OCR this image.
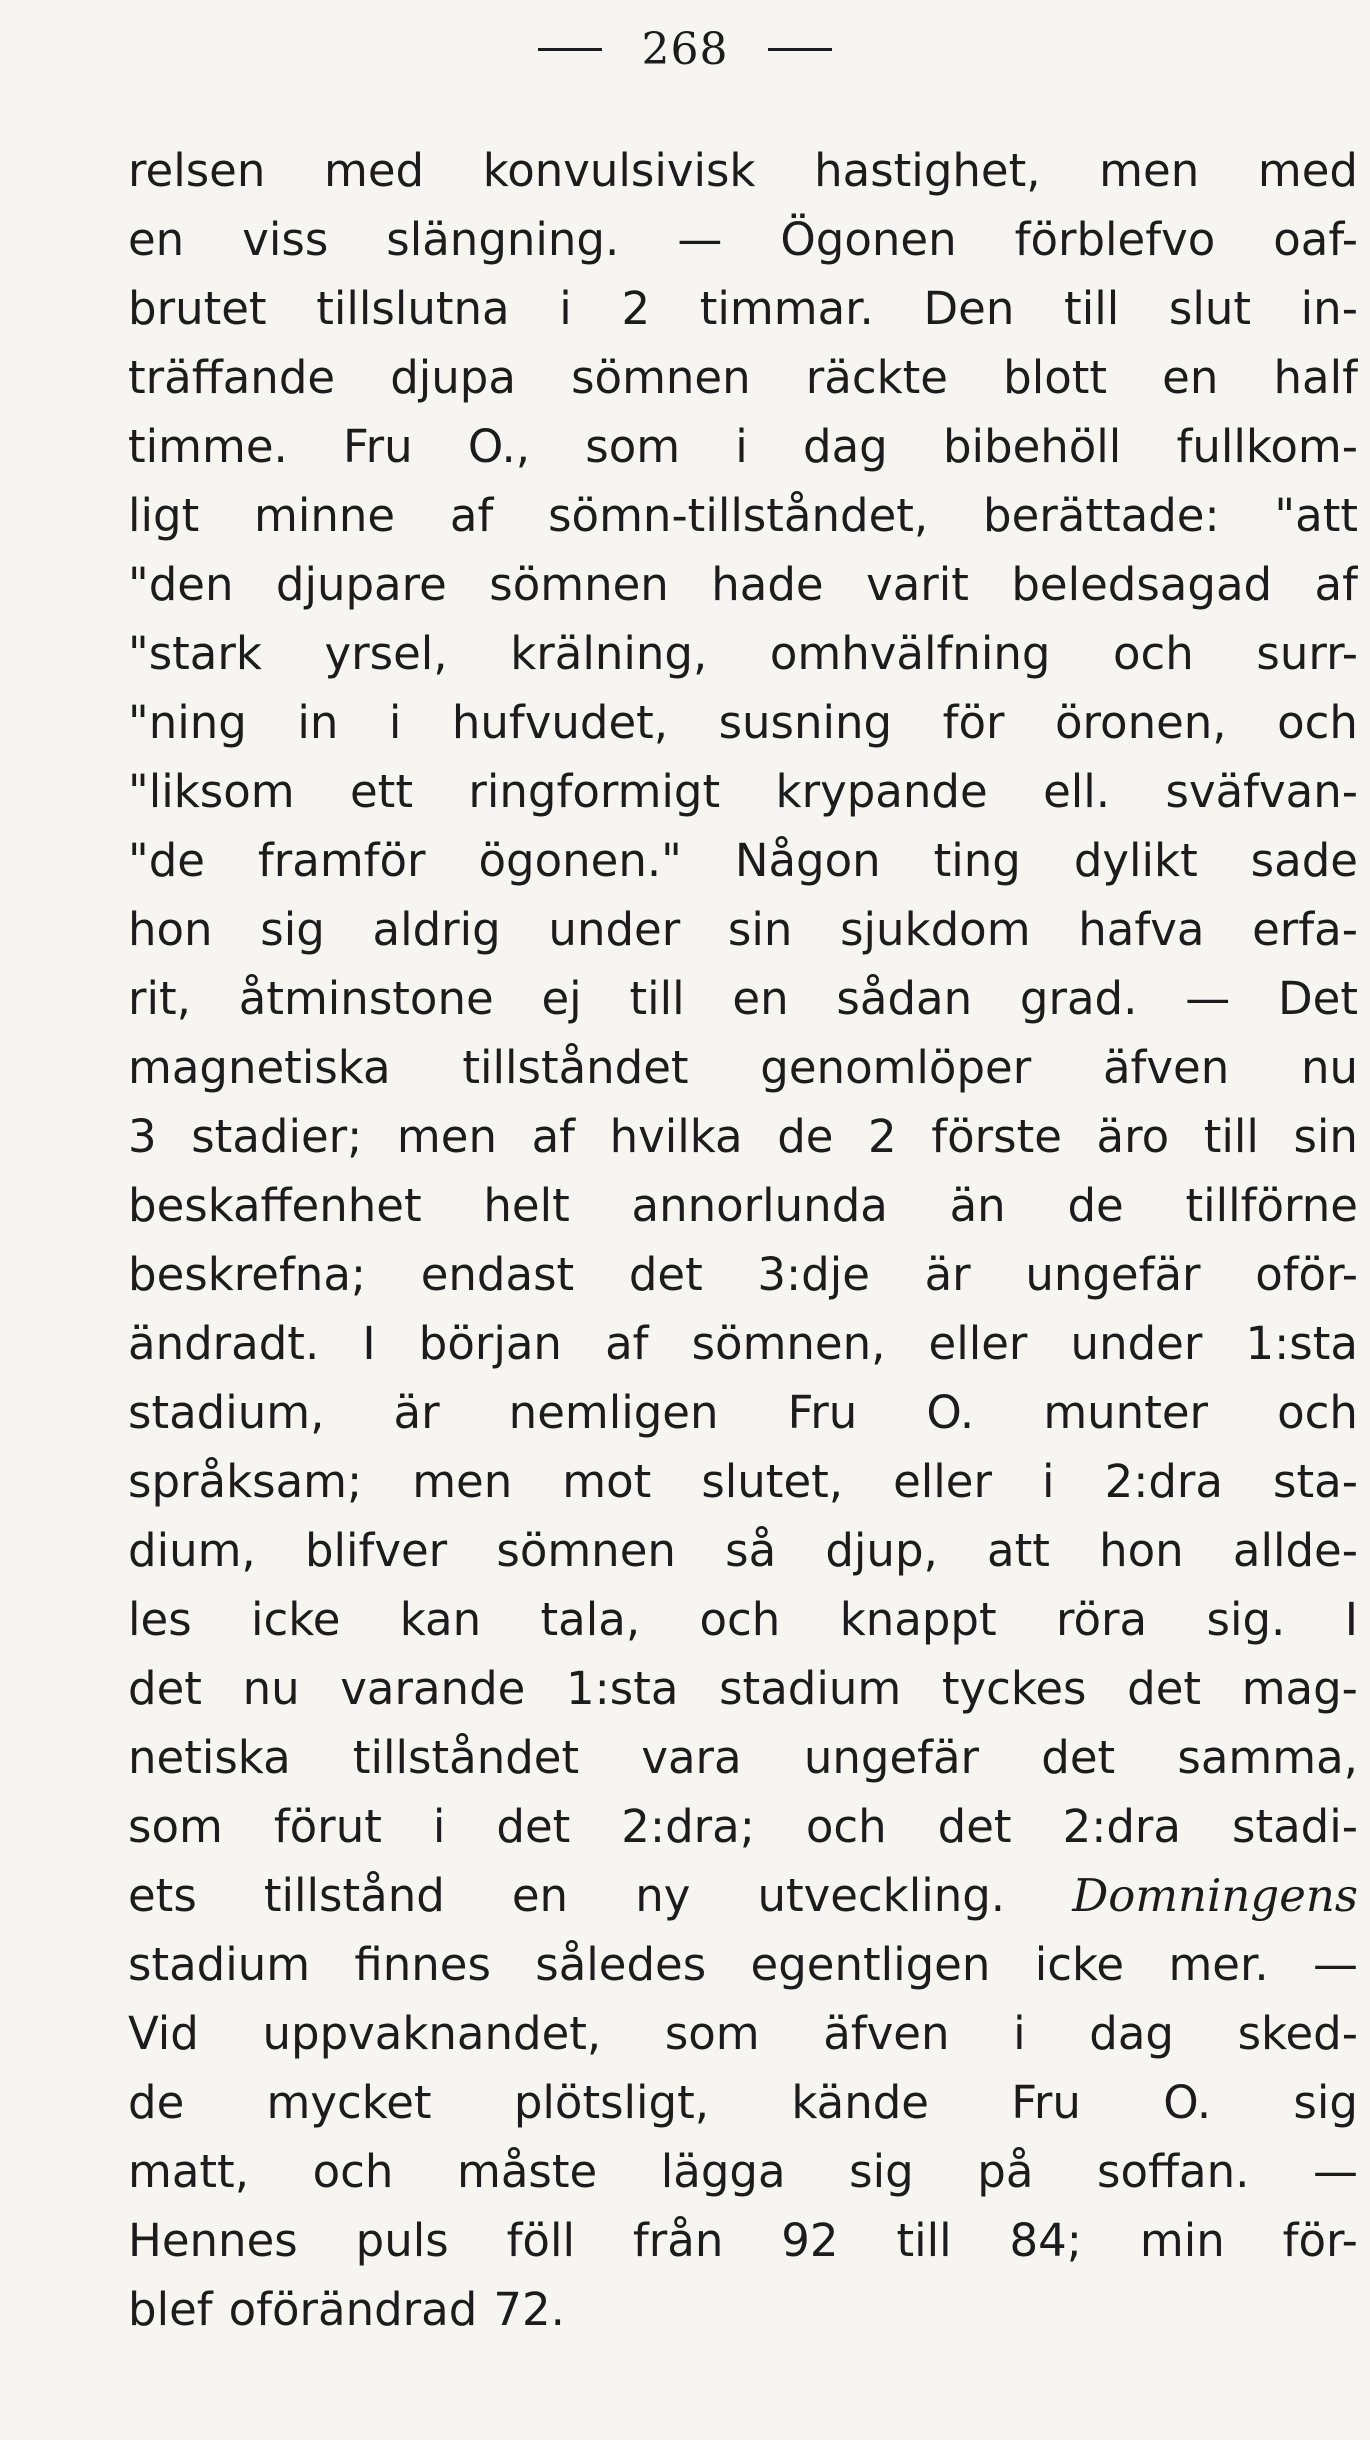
268
relsen med konvulsivisk hastighet, men med
en viss slängning. — Ögonen förblefvo oaf-
brutet tillslutna i 2 timmar. Den till slut in-
träffande djupa sömnen räckte blott en half
timme. Fru O., som i dag bibehöll fullkom-
ligt minne af sömn-tillståndet, berättade: "att
"den djupare sömnen hade varit beledsagad af
"stark yrsel, krälning, omhvälfning och surr-
"ning in i hufvudet, susning för öronen, och
"liksom ett ringformigt krypande ell. sväfvan-
"de framför ögonen." Någon ting dylikt sade
hon sig aldrig under sin sjukdom hafva erfa-
rit, åtminstone ej till en sådan grad. — Det
magnetiska tillståndet genomlöper äfven nu
3 stadier; men af hvilka de 2 förste äro till sin
beskaffenhet helt annorlunda än de tillförne
beskrefna; endast det 3:dje är ungefär oför-
ändradt. I början af sömnen, eller under 1:sta
stadium, är nemligen Fru O. munter och
språksam; men mot slutet, eller i 2:dra sta-
dium, blifver sömnen så djup, att hon allde-
les icke kan tala, och knappt röra sig. I
det nu varande 1:sta stadium tyckes det mag-
netiska tillståndet vara ungefär det samma,
som förut i det 2:dra; och det 2:dra stadi-
ets tillstånd en ny utveckling. Domningens
stadium finnes således egentligen icke mer. —
Vid uppvaknandet, som äfven i dag sked-
de mycket plötsligt, kände Fru O. sig
matt, och måste lägga sig på soffan. —
Hennes puls föll från 92 till 84; min för-
blef oförändrad 72.
